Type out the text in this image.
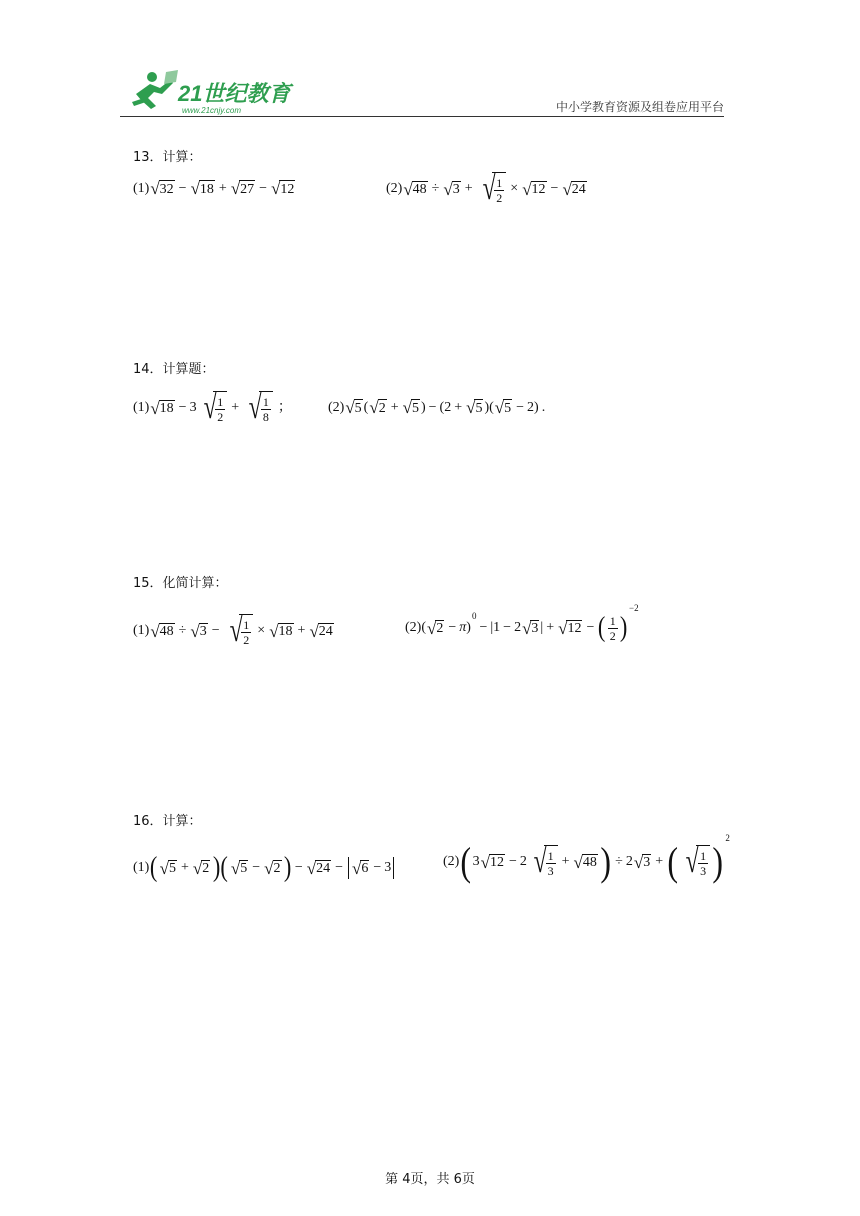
21世纪教育
www.21cnjy.com	中小学教育资源及组卷应用平台
13．计算：
(1) √ 32 − √ 18 + √ 27 − √ 12	(2) √ 48 ÷ √ 3 + √ $\frac{1}{2}$ × √ 12 − √ 24
14．计算题：
(1) √ 18 − 3 √ $\frac{1}{2}$ + √ $\frac{1}{8}$ ；	(2) √ 5 ( √ 2 + √ 5 ) − ( 2 + √ 5 )( √ 5 − 2 ) .
15．化简计算：
(1) √ 48 ÷ √ 3 − √ $\frac{1}{2}$ × √ 18 + √ 24	(2) ( √ 2 − π )
0
− | 1 − 2 √ 3 | + √ 12 − ( $\frac{1}{2}$ )
−2
16．计算：
(1) ( √ 5 + √ 2 )( √ 5 − √ 2 ) − √ 24 − √ 6 − 3	(2) ( 3 √ 12 − 2 √ $\frac{1}{3}$ + √ 48 ) ÷ 2 √ 3 + ( √ $\frac{1}{3}$ )
2
第 4页，共 6页
